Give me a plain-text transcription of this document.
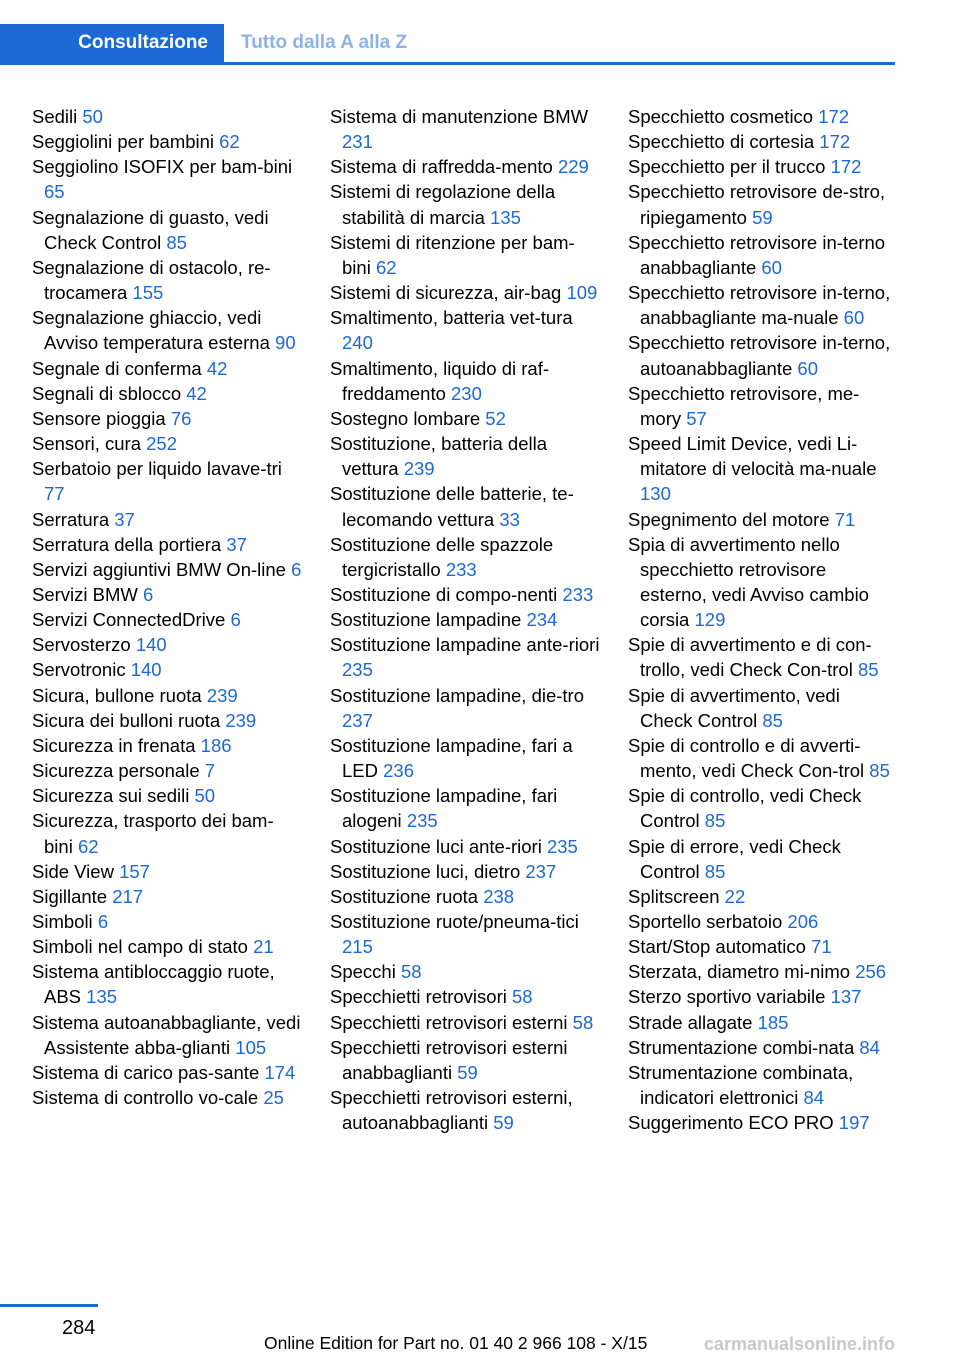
Consultazione	Tutto dalla A alla Z
Sedili 50
Seggiolini per bambini 62
Seggiolino ISOFIX per bam‐bini 65
Segnalazione di guasto, vedi Check Control 85
Segnalazione di ostacolo, re‐trocamera 155
Segnalazione ghiaccio, vedi Avviso temperatura esterna 90
Segnale di conferma 42
Segnali di sblocco 42
Sensore pioggia 76
Sensori, cura 252
Serbatoio per liquido lavave‐tri 77
Serratura 37
Serratura della portiera 37
Servizi aggiuntivi BMW On‐line 6
Servizi BMW 6
Servizi ConnectedDrive 6
Servosterzo 140
Servotronic 140
Sicura, bullone ruota 239
Sicura dei bulloni ruota 239
Sicurezza in frenata 186
Sicurezza personale 7
Sicurezza sui sedili 50
Sicurezza, trasporto dei bam‐bini 62
Side View 157
Sigillante 217
Simboli 6
Simboli nel campo di stato 21
Sistema antibloccaggio ruote, ABS 135
Sistema autoanabbagliante, vedi Assistente abba‐glianti 105
Sistema di carico pas‐sante 174
Sistema di controllo vo‐cale 25
Sistema di manutenzione BMW 231
Sistema di raffredda‐mento 229
Sistemi di regolazione della stabilità di marcia 135
Sistemi di ritenzione per bam‐bini 62
Sistemi di sicurezza, air‐bag 109
Smaltimento, batteria vet‐tura 240
Smaltimento, liquido di raf‐freddamento 230
Sostegno lombare 52
Sostituzione, batteria della vettura 239
Sostituzione delle batterie, te‐lecomando vettura 33
Sostituzione delle spazzole tergicristallo 233
Sostituzione di compo‐nenti 233
Sostituzione lampadine 234
Sostituzione lampadine ante‐riori 235
Sostituzione lampadine, die‐tro 237
Sostituzione lampadine, fari a LED 236
Sostituzione lampadine, fari alogeni 235
Sostituzione luci ante‐riori 235
Sostituzione luci, dietro 237
Sostituzione ruota 238
Sostituzione ruote/pneuma‐tici 215
Specchi 58
Specchietti retrovisori 58
Specchietti retrovisori esterni 58
Specchietti retrovisori esterni anabbaglianti 59
Specchietti retrovisori esterni, autoanabbaglianti 59
Specchietto cosmetico 172
Specchietto di cortesia 172
Specchietto per il trucco 172
Specchietto retrovisore de‐stro, ripiegamento 59
Specchietto retrovisore in‐terno anabbagliante 60
Specchietto retrovisore in‐terno, anabbagliante ma‐nuale 60
Specchietto retrovisore in‐terno, autoanabbagliante 60
Specchietto retrovisore, me‐mory 57
Speed Limit Device, vedi Li‐mitatore di velocità ma‐nuale 130
Spegnimento del motore 71
Spia di avvertimento nello specchietto retrovisore esterno, vedi Avviso cambio corsia 129
Spie di avvertimento e di con‐trollo, vedi Check Con‐trol 85
Spie di avvertimento, vedi Check Control 85
Spie di controllo e di avverti‐mento, vedi Check Con‐trol 85
Spie di controllo, vedi Check Control 85
Spie di errore, vedi Check Control 85
Splitscreen 22
Sportello serbatoio 206
Start/Stop automatico 71
Sterzata, diametro mi‐nimo 256
Sterzo sportivo variabile 137
Strade allagate 185
Strumentazione combi‐nata 84
Strumentazione combinata, indicatori elettronici 84
Suggerimento ECO PRO 197
284
Online Edition for Part no. 01 40 2 966 108 - X/15	carmanualsonline.info
